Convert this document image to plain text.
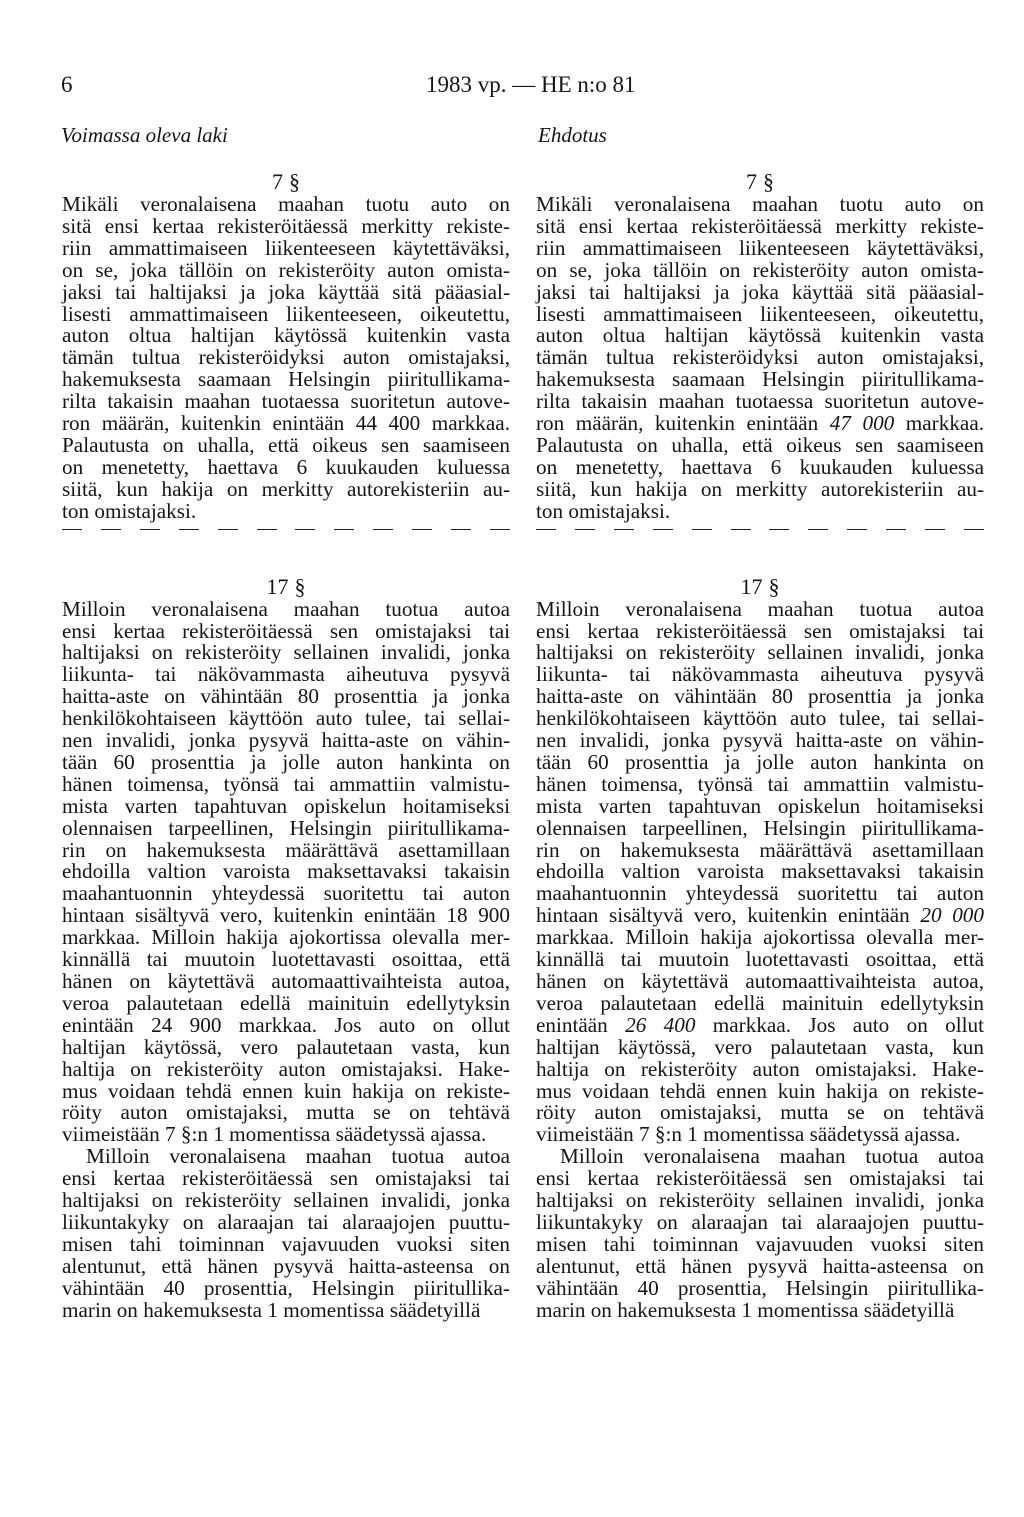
6	1983 vp. — HE n:o 81
Voimassa oleva laki	Ehdotus
7 §

Mikäli veronalaisena maahan tuotu auto on
sitä ensi kertaa rekisteröitäessä merkitty rekiste-
riin ammattimaiseen liikenteeseen käytettäväksi,
on se, joka tällöin on rekisteröity auton omista-
jaksi tai haltijaksi ja joka käyttää sitä pääasial-
lisesti ammattimaiseen liikenteeseen, oikeutettu,
auton oltua haltijan käytössä kuitenkin vasta
tämän tultua rekisteröidyksi auton omistajaksi,
hakemuksesta saamaan Helsingin piiritullikama-
rilta takaisin maahan tuotaessa suoritetun autove-
ron määrän, kuitenkin enintään 44 400 markkaa.
Palautusta on uhalla, että oikeus sen saamiseen
on menetetty, haettava 6 kuukauden kuluessa
siitä, kun hakija on merkitty autorekisteriin au-
ton omistajaksi.

17 §

Milloin veronalaisena maahan tuotua autoa
ensi kertaa rekisteröitäessä sen omistajaksi tai
haltijaksi on rekisteröity sellainen invalidi, jonka
liikunta- tai näkövammasta aiheutuva pysyvä
haitta-aste on vähintään 80 prosenttia ja jonka
henkilökohtaiseen käyttöön auto tulee, tai sellai-
nen invalidi, jonka pysyvä haitta-aste on vähin-
tään 60 prosenttia ja jolle auton hankinta on
hänen toimensa, työnsä tai ammattiin valmistu-
mista varten tapahtuvan opiskelun hoitamiseksi
olennaisen tarpeellinen, Helsingin piiritullikama-
rin on hakemuksesta määrättävä asettamillaan
ehdoilla valtion varoista maksettavaksi takaisin
maahantuonnin yhteydessä suoritettu tai auton
hintaan sisältyvä vero, kuitenkin enintään 18 900
markkaa. Milloin hakija ajokortissa olevalla mer-
kinnällä tai muutoin luotettavasti osoittaa, että
hänen on käytettävä automaattivaihteista autoa,
veroa palautetaan edellä mainituin edellytyksin
enintään 24 900 markkaa. Jos auto on ollut
haltijan käytössä, vero palautetaan vasta, kun
haltija on rekisteröity auton omistajaksi. Hake-
mus voidaan tehdä ennen kuin hakija on rekiste-
röity auton omistajaksi, mutta se on tehtävä
viimeistään 7 §:n 1 momentissa säädetyssä ajassa.
Milloin veronalaisena maahan tuotua autoa
ensi kertaa rekisteröitäessä sen omistajaksi tai
haltijaksi on rekisteröity sellainen invalidi, jonka
liikuntakyky on alaraajan tai alaraajojen puuttu-
misen tahi toiminnan vajavuuden vuoksi siten
alentunut, että hänen pysyvä haitta-asteensa on
vähintään 40 prosenttia, Helsingin piiritullika-
marin on hakemuksesta 1 momentissa säädetyillä

7 §

Mikäli veronalaisena maahan tuotu auto on
sitä ensi kertaa rekisteröitäessä merkitty rekiste-
riin ammattimaiseen liikenteeseen käytettäväksi,
on se, joka tällöin on rekisteröity auton omista-
jaksi tai haltijaksi ja joka käyttää sitä pääasial-
lisesti ammattimaiseen liikenteeseen, oikeutettu,
auton oltua haltijan käytössä kuitenkin vasta
tämän tultua rekisteröidyksi auton omistajaksi,
hakemuksesta saamaan Helsingin piiritullikama-
rilta takaisin maahan tuotaessa suoritetun autove-
ron määrän, kuitenkin enintään 47 000 markkaa.
Palautusta on uhalla, että oikeus sen saamiseen
on menetetty, haettava 6 kuukauden kuluessa
siitä, kun hakija on merkitty autorekisteriin au-
ton omistajaksi.

17 §

Milloin veronalaisena maahan tuotua autoa
ensi kertaa rekisteröitäessä sen omistajaksi tai
haltijaksi on rekisteröity sellainen invalidi, jonka
liikunta- tai näkövammasta aiheutuva pysyvä
haitta-aste on vähintään 80 prosenttia ja jonka
henkilökohtaiseen käyttöön auto tulee, tai sellai-
nen invalidi, jonka pysyvä haitta-aste on vähin-
tään 60 prosenttia ja jolle auton hankinta on
hänen toimensa, työnsä tai ammattiin valmistu-
mista varten tapahtuvan opiskelun hoitamiseksi
olennaisen tarpeellinen, Helsingin piiritullikama-
rin on hakemuksesta määrättävä asettamillaan
ehdoilla valtion varoista maksettavaksi takaisin
maahantuonnin yhteydessä suoritettu tai auton
hintaan sisältyvä vero, kuitenkin enintään 20 000
markkaa. Milloin hakija ajokortissa olevalla mer-
kinnällä tai muutoin luotettavasti osoittaa, että
hänen on käytettävä automaattivaihteista autoa,
veroa palautetaan edellä mainituin edellytyksin
enintään 26 400 markkaa. Jos auto on ollut
haltijan käytössä, vero palautetaan vasta, kun
haltija on rekisteröity auton omistajaksi. Hake-
mus voidaan tehdä ennen kuin hakija on rekiste-
röity auton omistajaksi, mutta se on tehtävä
viimeistään 7 §:n 1 momentissa säädetyssä ajassa.
Milloin veronalaisena maahan tuotua autoa
ensi kertaa rekisteröitäessä sen omistajaksi tai
haltijaksi on rekisteröity sellainen invalidi, jonka
liikuntakyky on alaraajan tai alaraajojen puuttu-
misen tahi toiminnan vajavuuden vuoksi siten
alentunut, että hänen pysyvä haitta-asteensa on
vähintään 40 prosenttia, Helsingin piiritullika-
marin on hakemuksesta 1 momentissa säädetyillä
